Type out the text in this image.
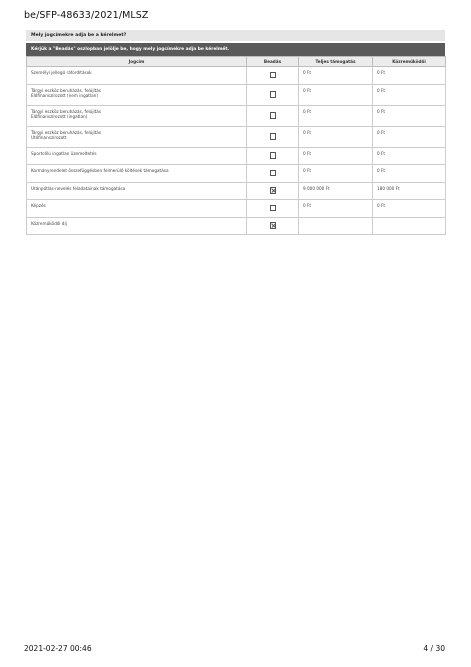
be/SFP-48633/2021/MLSZ
Mely jogcímekre adja be a kérelmet?
Kérjük a "Beadás" oszlopban jelölje be, hogy mely jogcímekre adja be kérelmét.
Jogcím	Beadás	Teljes támogatás	Közreműködői

Személyi jellegű ráfordítások		0 Ft	0 Ft

Tárgyi eszköz beruházás, felújítás
Előfinanszírozott (nem ingatlan)		0 Ft	0 Ft

Tárgyi eszköz beruházás, felújítás
Előfinanszírozott (ingatlan)		0 Ft	0 Ft

Tárgyi eszköz beruházás, felújítás
Utófinanszírozott		0 Ft	0 Ft

Sportcélú ingatlan üzemeltetés		0 Ft	0 Ft

Kormányrendelet összefüggésben felmerülő költések támogatása		0 Ft	0 Ft

Utánpótlás-nevelés feladatainak támogatása		9 000 000 Ft	180 000 Ft

Képzés		0 Ft	0 Ft

Közreműködői díj			

2021-02-27 00:46	4 / 30
